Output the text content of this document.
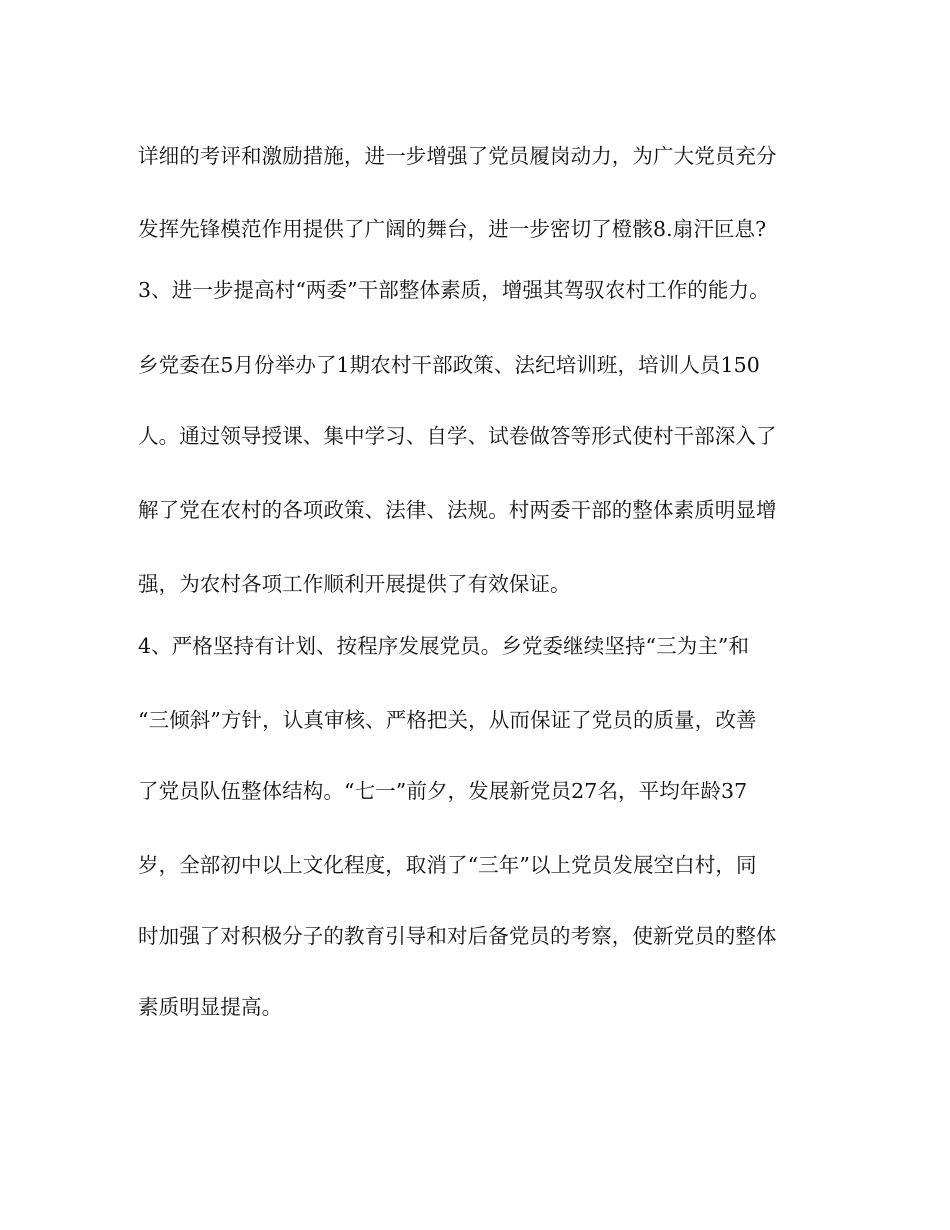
详细的考评和激励措施，进一步增强了党员履岗动力，为广大党员充分
发挥先锋模范作用提供了广阔的舞台，进一步密切了橙骸8.扇汗叵息?
3、进一步提高村“两委”干部整体素质，增强其驾驭农村工作的能力。
乡党委在5月份举办了1期农村干部政策、法纪培训班，培训人员150
人。通过领导授课、集中学习、自学、试卷做答等形式使村干部深入了
解了党在农村的各项政策、法律、法规。村两委干部的整体素质明显增
强，为农村各项工作顺利开展提供了有效保证。
4、严格坚持有计划、按程序发展党员。乡党委继续坚持“三为主”和
“三倾斜”方针，认真审核、严格把关，从而保证了党员的质量，改善
了党员队伍整体结构。“七一”前夕，发展新党员27名，平均年龄37
岁，全部初中以上文化程度，取消了“三年”以上党员发展空白村，同
时加强了对积极分子的教育引导和对后备党员的考察，使新党员的整体
素质明显提高。
